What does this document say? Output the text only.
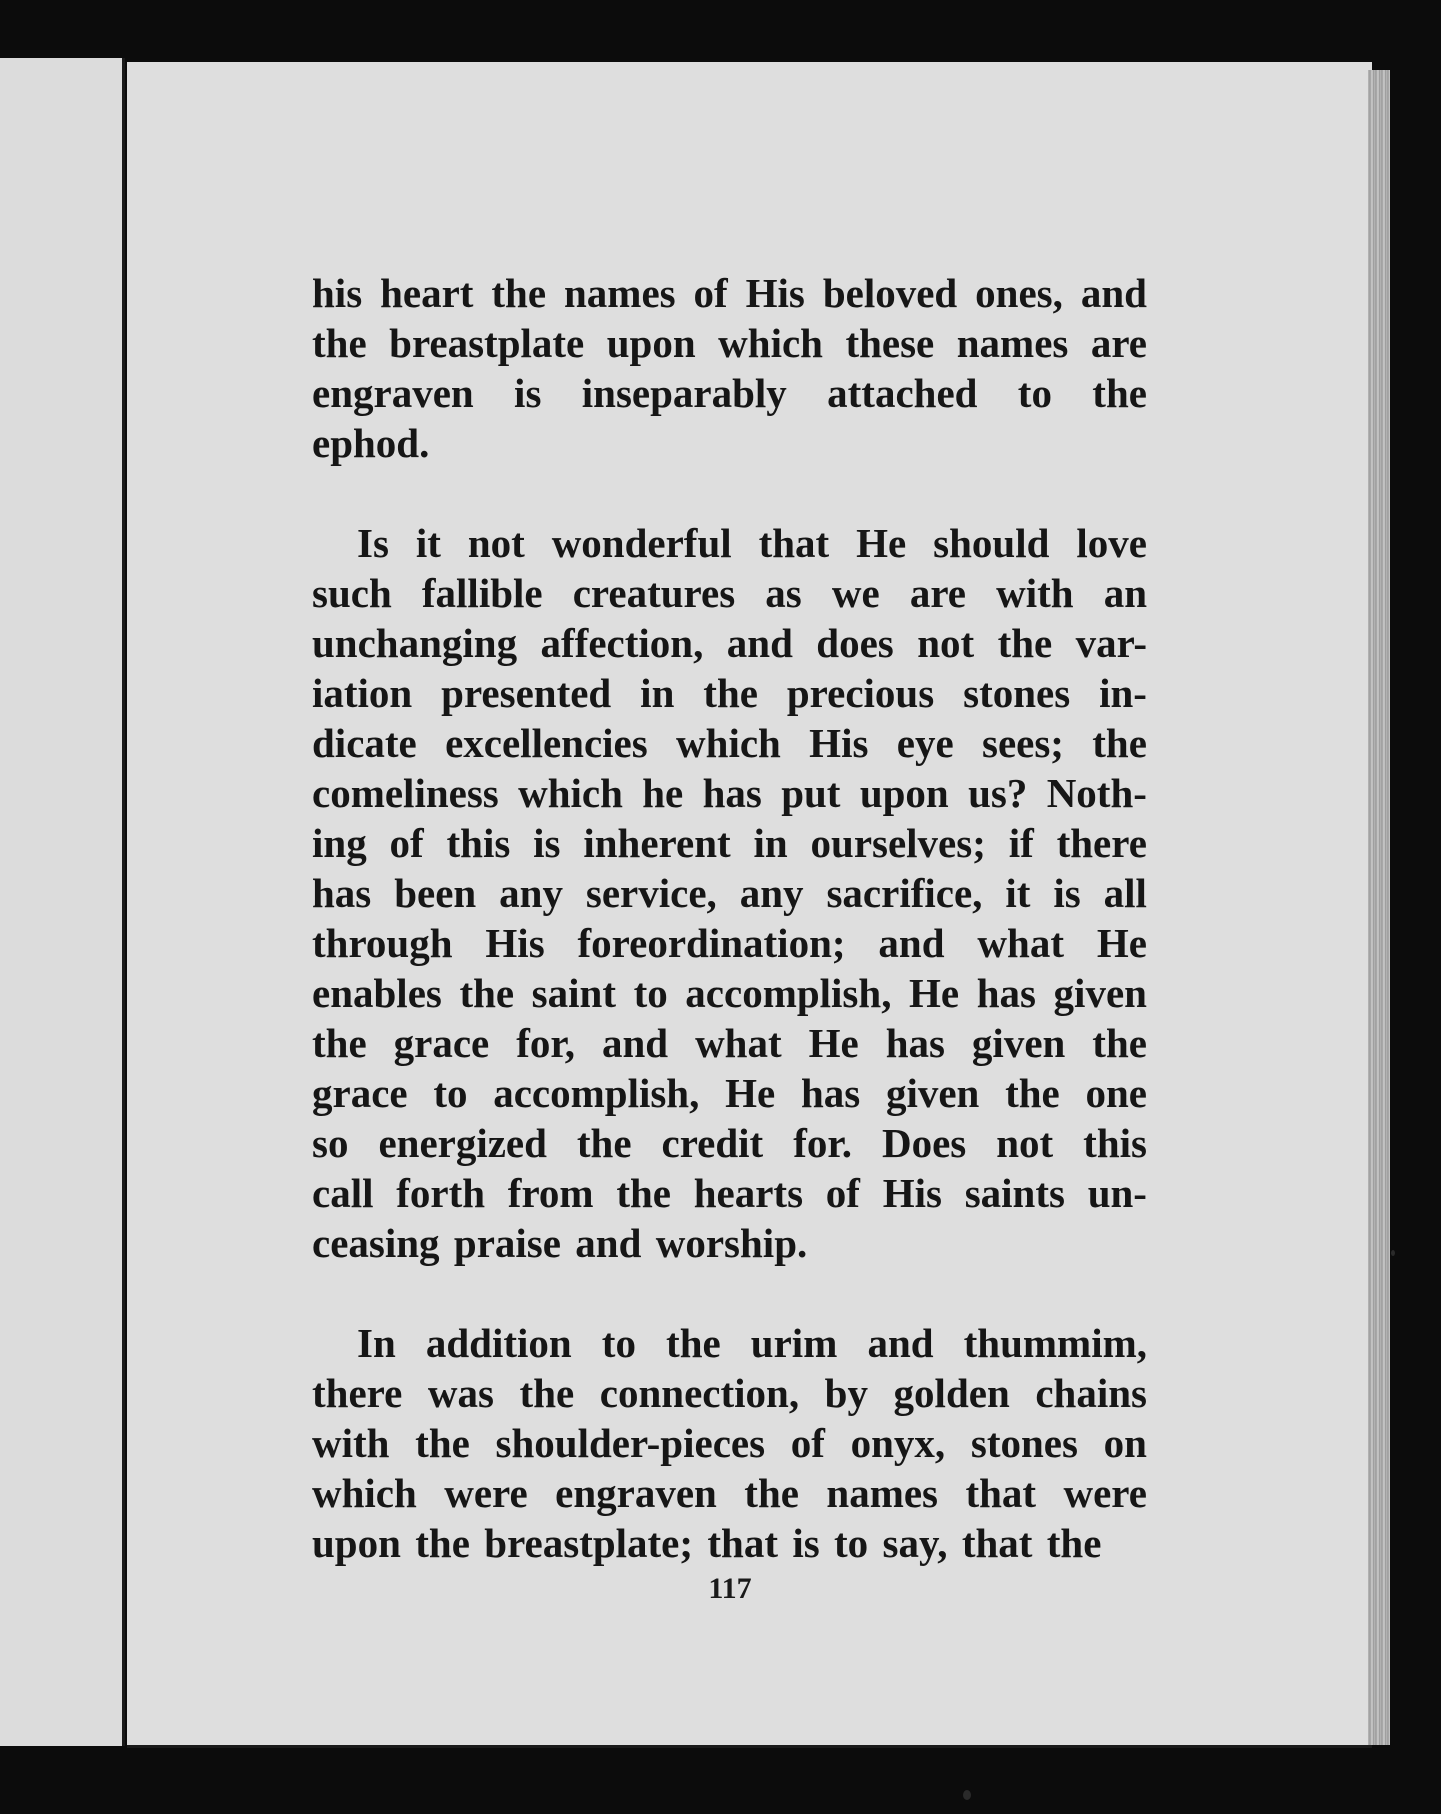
his heart the names of His beloved ones, and
the breastplate upon which these names are
engraven is inseparably attached to the
ephod.
Is it not wonderful that He should love
such fallible creatures as we are with an
unchanging affection, and does not the var-
iation presented in the precious stones in-
dicate excellencies which His eye sees; the
comeliness which he has put upon us? Noth-
ing of this is inherent in ourselves; if there
has been any service, any sacrifice, it is all
through His foreordination; and what He
enables the saint to accomplish, He has given
the grace for, and what He has given the
grace to accomplish, He has given the one
so energized the credit for. Does not this
call forth from the hearts of His saints un-
ceasing praise and worship.
In addition to the urim and thummim,
there was the connection, by golden chains
with the shoulder-pieces of onyx, stones on
which were engraven the names that were
upon the breastplate; that is to say, that the
117
